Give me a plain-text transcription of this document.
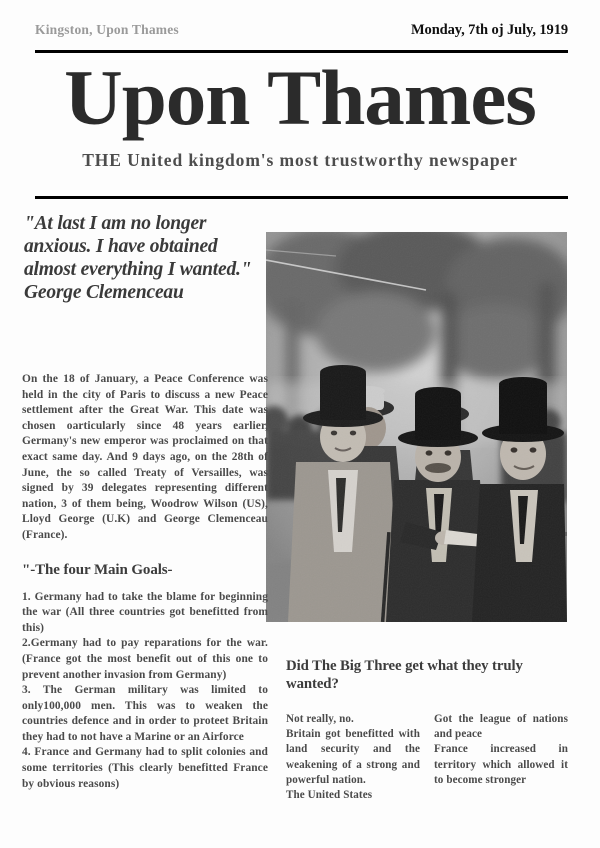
Kingston, Upon Thames	Monday, 7th oj July, 1919
Upon Thames
THE United kingdom's most trustworthy newspaper
"At last I am no longer anxious. I have obtained almost everything I wanted." George Clemenceau
On the 18 of January, a Peace Conference was held in the city of Paris to discuss a new Peace settlement after the Great War. This date was chosen oarticularly since 48 years earlier, Germany's new emperor was proclaimed on that exact same day. And 9 days ago, on the 28th of June, the so called Treaty of Versailles, was signed by 39 delegates representing different nation, 3 of them being, Woodrow Wilson (US), Lloyd George (U.K) and George Clemenceau (France).
"-The four Main Goals-
1. Germany had to take the blame for beginning the war (All three countries got benefitted from this)
2.Germany had to pay reparations for the war. (France got the most benefit out of this one to prevent another invasion from Germany)
3. The German military was limited to only100,000 men. This was to weaken the countries defence and in order to proteet Britain they had to not have a Marine or an Airforce
4. France and Germany had to split colonies and some territories (This clearly benefitted France by obvious reasons)
Did The Big Three get what they truly wanted?

Not really, no.

Britain got benefitted with land security and the weakening of a strong and powerful nation.

The United States

Got the league of nations and peace

France increased in territory which allowed it to become stronger
